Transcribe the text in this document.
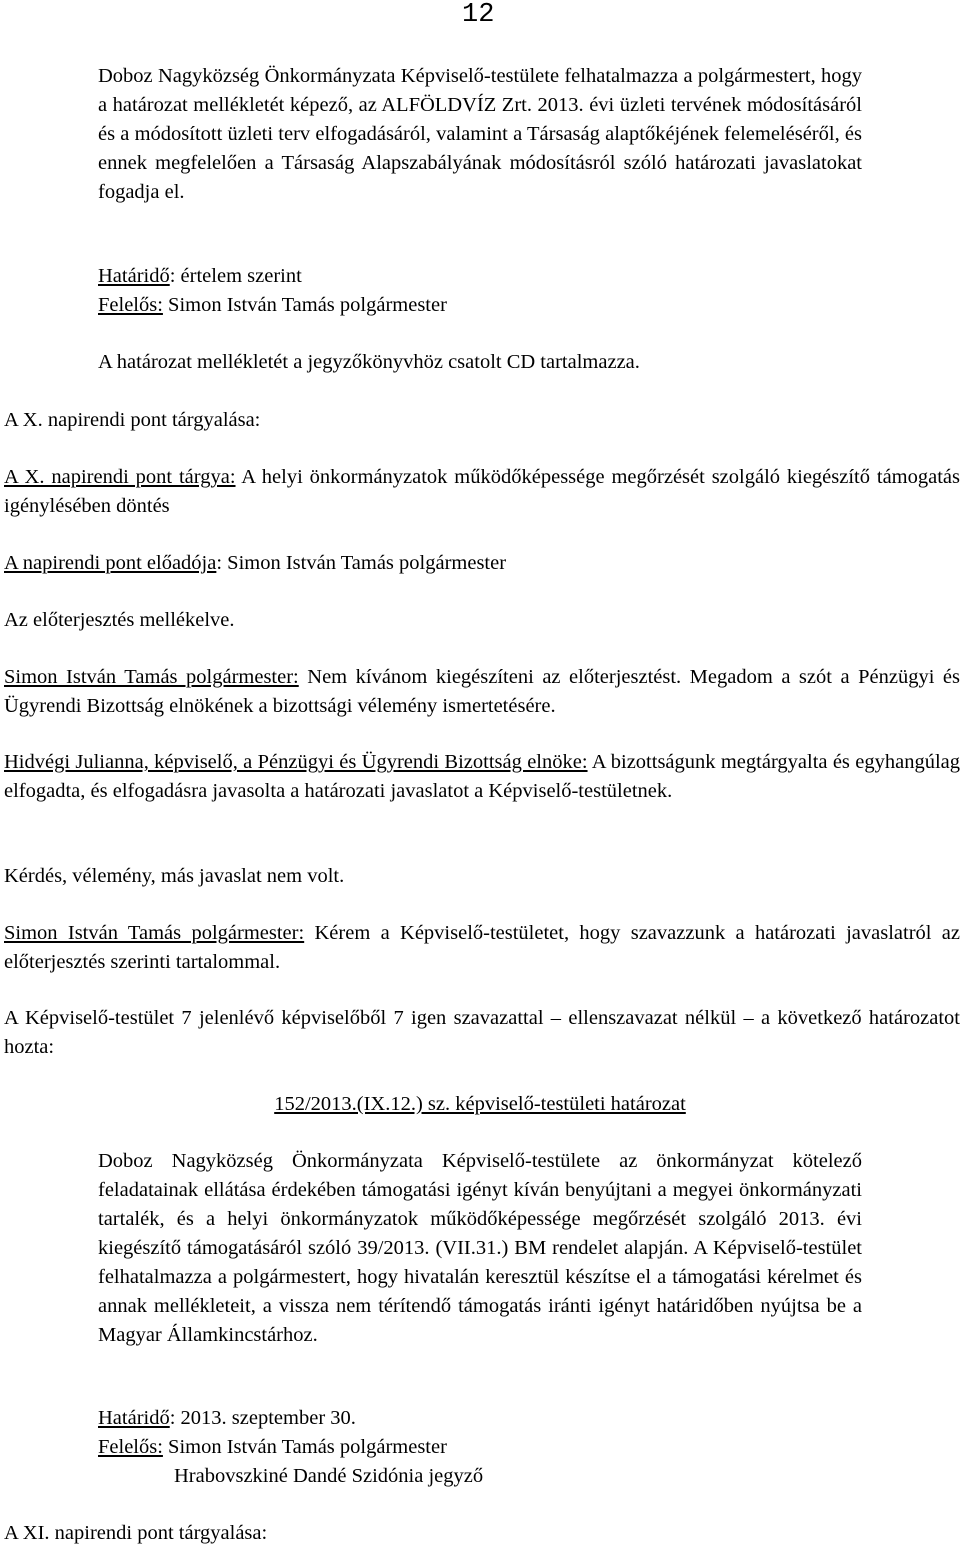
12

Doboz Nagyközség Önkormányzata Képviselő-testülete felhatalmazza a polgármestert, hogy a határozat mellékletét képező, az ALFÖLDVÍZ Zrt. 2013. évi üzleti tervének módosításáról és a módosított üzleti terv elfogadásáról, valamint a Társaság alaptőkéjének felemeléséről, és ennek megfelelően a Társaság Alapszabályának módosításról szóló határozati javaslatokat fogadja el.

Határidő: értelem szerint
Felelős: Simon István Tamás polgármester
A határozat mellékletét a jegyzőkönyvhöz csatolt CD tartalmazza.
A X. napirendi pont tárgyalása:

A X. napirendi pont tárgya: A helyi önkormányzatok működőképessége megőrzését szolgáló kiegészítő támogatás igénylésében döntés

A napirendi pont előadója: Simon István Tamás polgármester
Az előterjesztés mellékelve.

Simon István Tamás polgármester: Nem kívánom kiegészíteni az előterjesztést. Megadom a szót a Pénzügyi és Ügyrendi Bizottság elnökének a bizottsági vélemény ismertetésére.

Hidvégi Julianna, képviselő, a Pénzügyi és Ügyrendi Bizottság elnöke: A bizottságunk megtárgyalta és egyhangúlag elfogadta, és elfogadásra javasolta a határozati javaslatot a Képviselő-testületnek.

Kérdés, vélemény, más javaslat nem volt.

Simon István Tamás polgármester: Kérem a Képviselő-testületet, hogy szavazzunk a határozati javaslatról az előterjesztés szerinti tartalommal.

A Képviselő-testület 7 jelenlévő képviselőből 7 igen szavazattal – ellenszavazat nélkül – a következő határozatot hozta:

152/2013.(IX.12.) sz. képviselő-testületi határozat

Doboz Nagyközség Önkormányzata Képviselő-testülete az önkormányzat kötelező feladatainak ellátása érdekében támogatási igényt kíván benyújtani a megyei önkormányzati tartalék, és a helyi önkormányzatok működőképessége megőrzését szolgáló 2013. évi kiegészítő támogatásáról szóló 39/2013. (VII.31.) BM rendelet alapján. A Képviselő-testület felhatalmazza a polgármestert, hogy hivatalán keresztül készítse el a támogatási kérelmet és annak mellékleteit, a vissza nem térítendő támogatás iránti igényt határidőben nyújtsa be a Magyar Államkincstárhoz.

Határidő: 2013. szeptember 30.
Felelős: Simon István Tamás polgármester
Hrabovszkiné Dandé Szidónia jegyző
A XI. napirendi pont tárgyalása:
